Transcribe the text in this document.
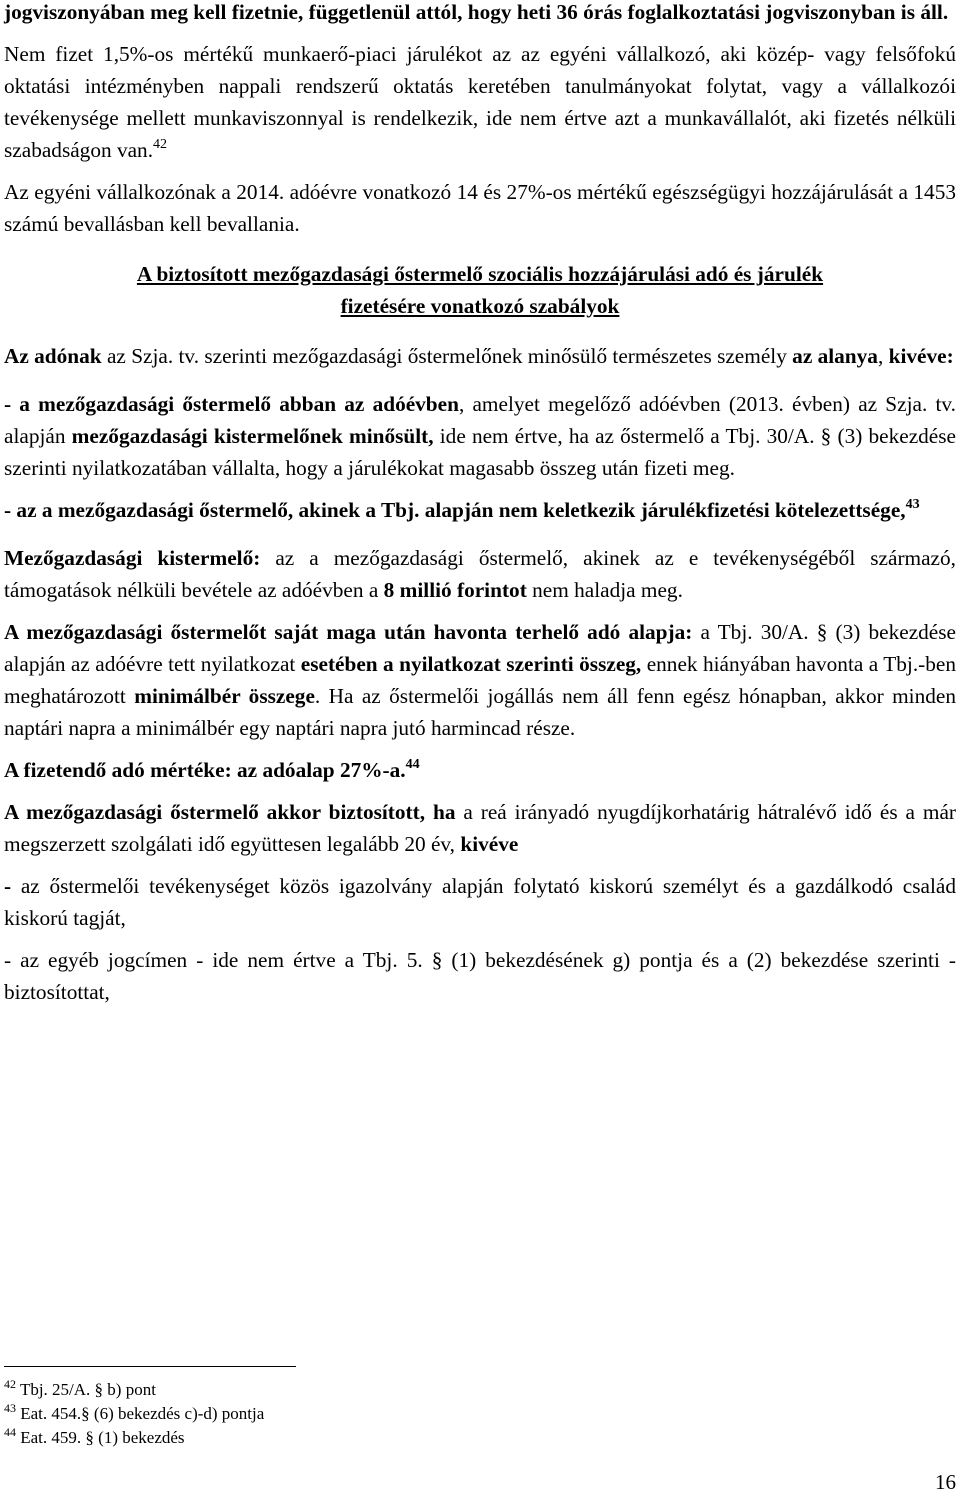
jogviszonyában meg kell fizetnie, függetlenül attól, hogy heti 36 órás foglalkoztatási jogviszonyban is áll.

Nem fizet 1,5%-os mértékű munkaerő-piaci járulékot az az egyéni vállalkozó, aki közép- vagy felsőfokú oktatási intézményben nappali rendszerű oktatás keretében tanulmányokat folytat, vagy a vállalkozói tevékenysége mellett munkaviszonnyal is rendelkezik, ide nem értve azt a munkavállalót, aki fizetés nélküli szabadságon van.$^{42}$

Az egyéni vállalkozónak a 2014. adóévre vonatkozó 14 és 27%-os mértékű egészségügyi hozzájárulását a 1453 számú bevallásban kell bevallania.

A biztosított mezőgazdasági őstermelő szociális hozzájárulási adó és járulék
fizetésére vonatkozó szabályok

Az adónak az Szja. tv. szerinti mezőgazdasági őstermelőnek minősülő természetes személy az alanya, kivéve:

- a mezőgazdasági őstermelő abban az adóévben, amelyet megelőző adóévben (2013. évben) az Szja. tv. alapján mezőgazdasági kistermelőnek minősült, ide nem értve, ha az őstermelő a Tbj. 30/A. § (3) bekezdése szerinti nyilatkozatában vállalta, hogy a járulékokat magasabb összeg után fizeti meg.

- az a mezőgazdasági őstermelő, akinek a Tbj. alapján nem keletkezik járulékfizetési kötelezettsége,$^{43}$

Mezőgazdasági kistermelő: az a mezőgazdasági őstermelő, akinek az e tevékenységéből származó, támogatások nélküli bevétele az adóévben a 8 millió forintot nem haladja meg.

A mezőgazdasági őstermelőt saját maga után havonta terhelő adó alapja: a Tbj. 30/A. § (3) bekezdése alapján az adóévre tett nyilatkozat esetében a nyilatkozat szerinti összeg, ennek hiányában havonta a Tbj.-ben meghatározott minimálbér összege. Ha az őstermelői jogállás nem áll fenn egész hónapban, akkor minden naptári napra a minimálbér egy naptári napra jutó harmincad része.

A fizetendő adó mértéke: az adóalap 27%-a.$^{44}$

A mezőgazdasági őstermelő akkor biztosított, ha a reá irányadó nyugdíjkorhatárig hátralévő idő és a már megszerzett szolgálati idő együttesen legalább 20 év, kivéve

- az őstermelői tevékenységet közös igazolvány alapján folytató kiskorú személyt és a gazdálkodó család kiskorú tagját,

- az egyéb jogcímen - ide nem értve a Tbj. 5. § (1) bekezdésének g) pontja és a (2) bekezdése szerinti - biztosítottat,

$^{42}$ Tbj. 25/A. § b) pont
$^{43}$ Eat. 454.§ (6) bekezdés c)-d) pontja
$^{44}$ Eat. 459. § (1) bekezdés
16
